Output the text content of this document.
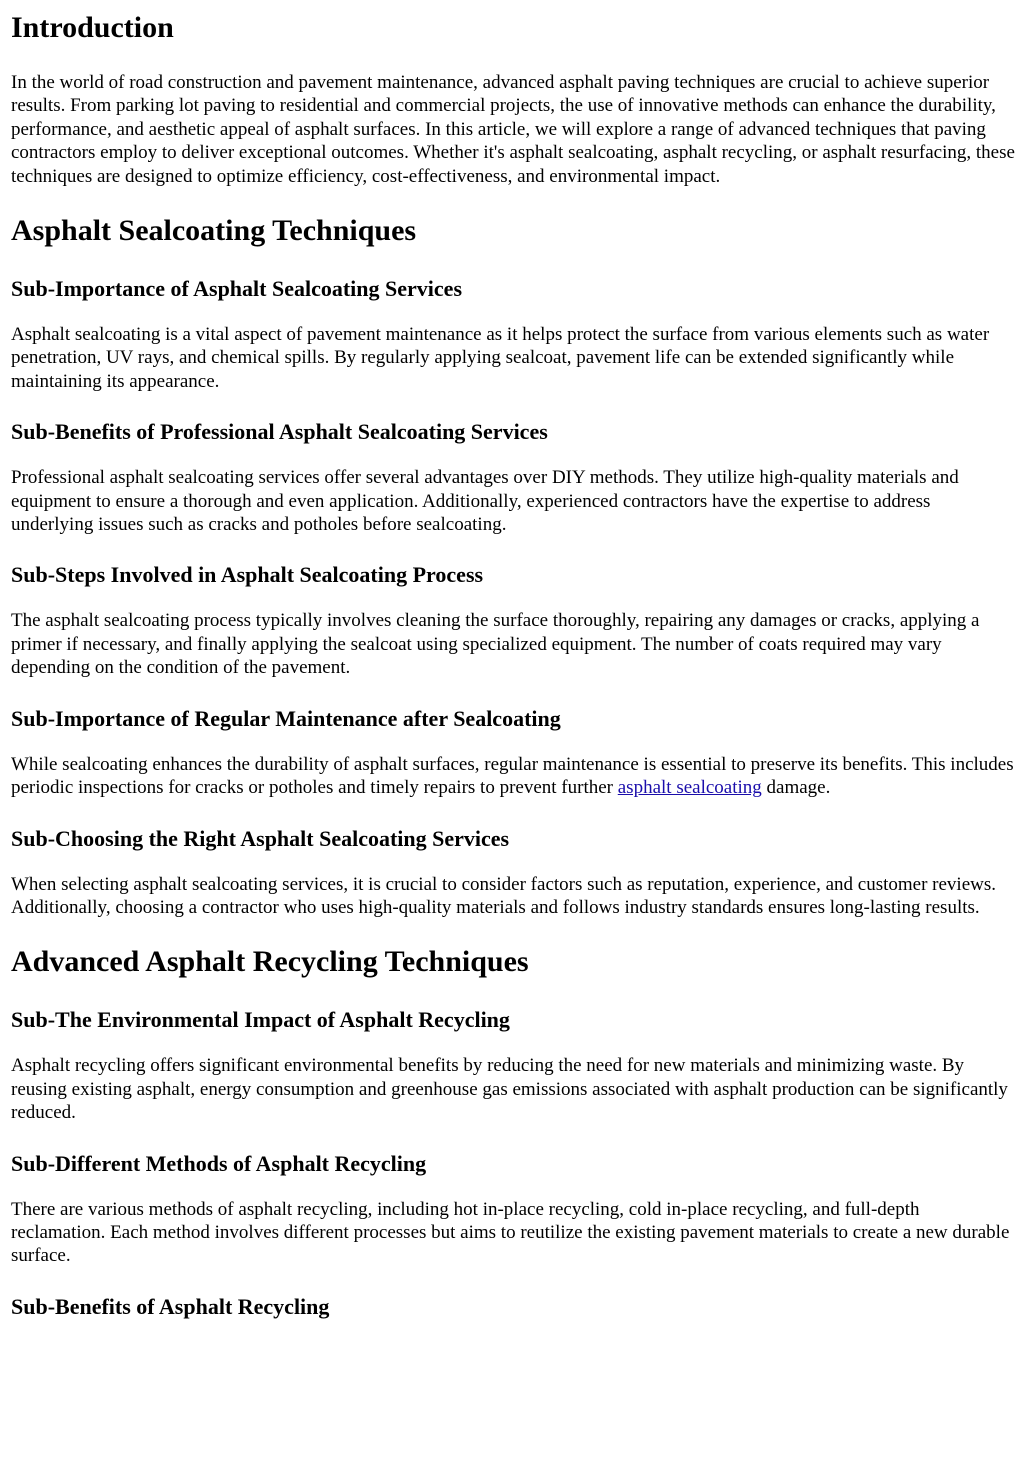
Introduction

In the world of road construction and pavement maintenance, advanced asphalt paving techniques are crucial to achieve superior results. From parking lot paving to residential and commercial projects, the use of innovative methods can enhance the durability, performance, and aesthetic appeal of asphalt surfaces. In this article, we will explore a range of advanced techniques that paving contractors employ to deliver exceptional outcomes. Whether it's asphalt sealcoating, asphalt recycling, or asphalt resurfacing, these techniques are designed to optimize efficiency, cost-effectiveness, and environmental impact.

Asphalt Sealcoating Techniques
Sub-Importance of Asphalt Sealcoating Services

Asphalt sealcoating is a vital aspect of pavement maintenance as it helps protect the surface from various elements such as water penetration, UV rays, and chemical spills. By regularly applying sealcoat, pavement life can be extended significantly while maintaining its appearance.

Sub-Benefits of Professional Asphalt Sealcoating Services

Professional asphalt sealcoating services offer several advantages over DIY methods. They utilize high-quality materials and equipment to ensure a thorough and even application. Additionally, experienced contractors have the expertise to address underlying issues such as cracks and potholes before sealcoating.

Sub-Steps Involved in Asphalt Sealcoating Process

The asphalt sealcoating process typically involves cleaning the surface thoroughly, repairing any damages or cracks, applying a primer if necessary, and finally applying the sealcoat using specialized equipment. The number of coats required may vary depending on the condition of the pavement.

Sub-Importance of Regular Maintenance after Sealcoating

While sealcoating enhances the durability of asphalt surfaces, regular maintenance is essential to preserve its benefits. This includes periodic inspections for cracks or potholes and timely repairs to prevent further asphalt sealcoating damage.

Sub-Choosing the Right Asphalt Sealcoating Services

When selecting asphalt sealcoating services, it is crucial to consider factors such as reputation, experience, and customer reviews. Additionally, choosing a contractor who uses high-quality materials and follows industry standards ensures long-lasting results.

Advanced Asphalt Recycling Techniques
Sub-The Environmental Impact of Asphalt Recycling

Asphalt recycling offers significant environmental benefits by reducing the need for new materials and minimizing waste. By reusing existing asphalt, energy consumption and greenhouse gas emissions associated with asphalt production can be significantly reduced.

Sub-Different Methods of Asphalt Recycling

There are various methods of asphalt recycling, including hot in-place recycling, cold in-place recycling, and full-depth reclamation. Each method involves different processes but aims to reutilize the existing pavement materials to create a new durable surface.

Sub-Benefits of Asphalt Recycling
